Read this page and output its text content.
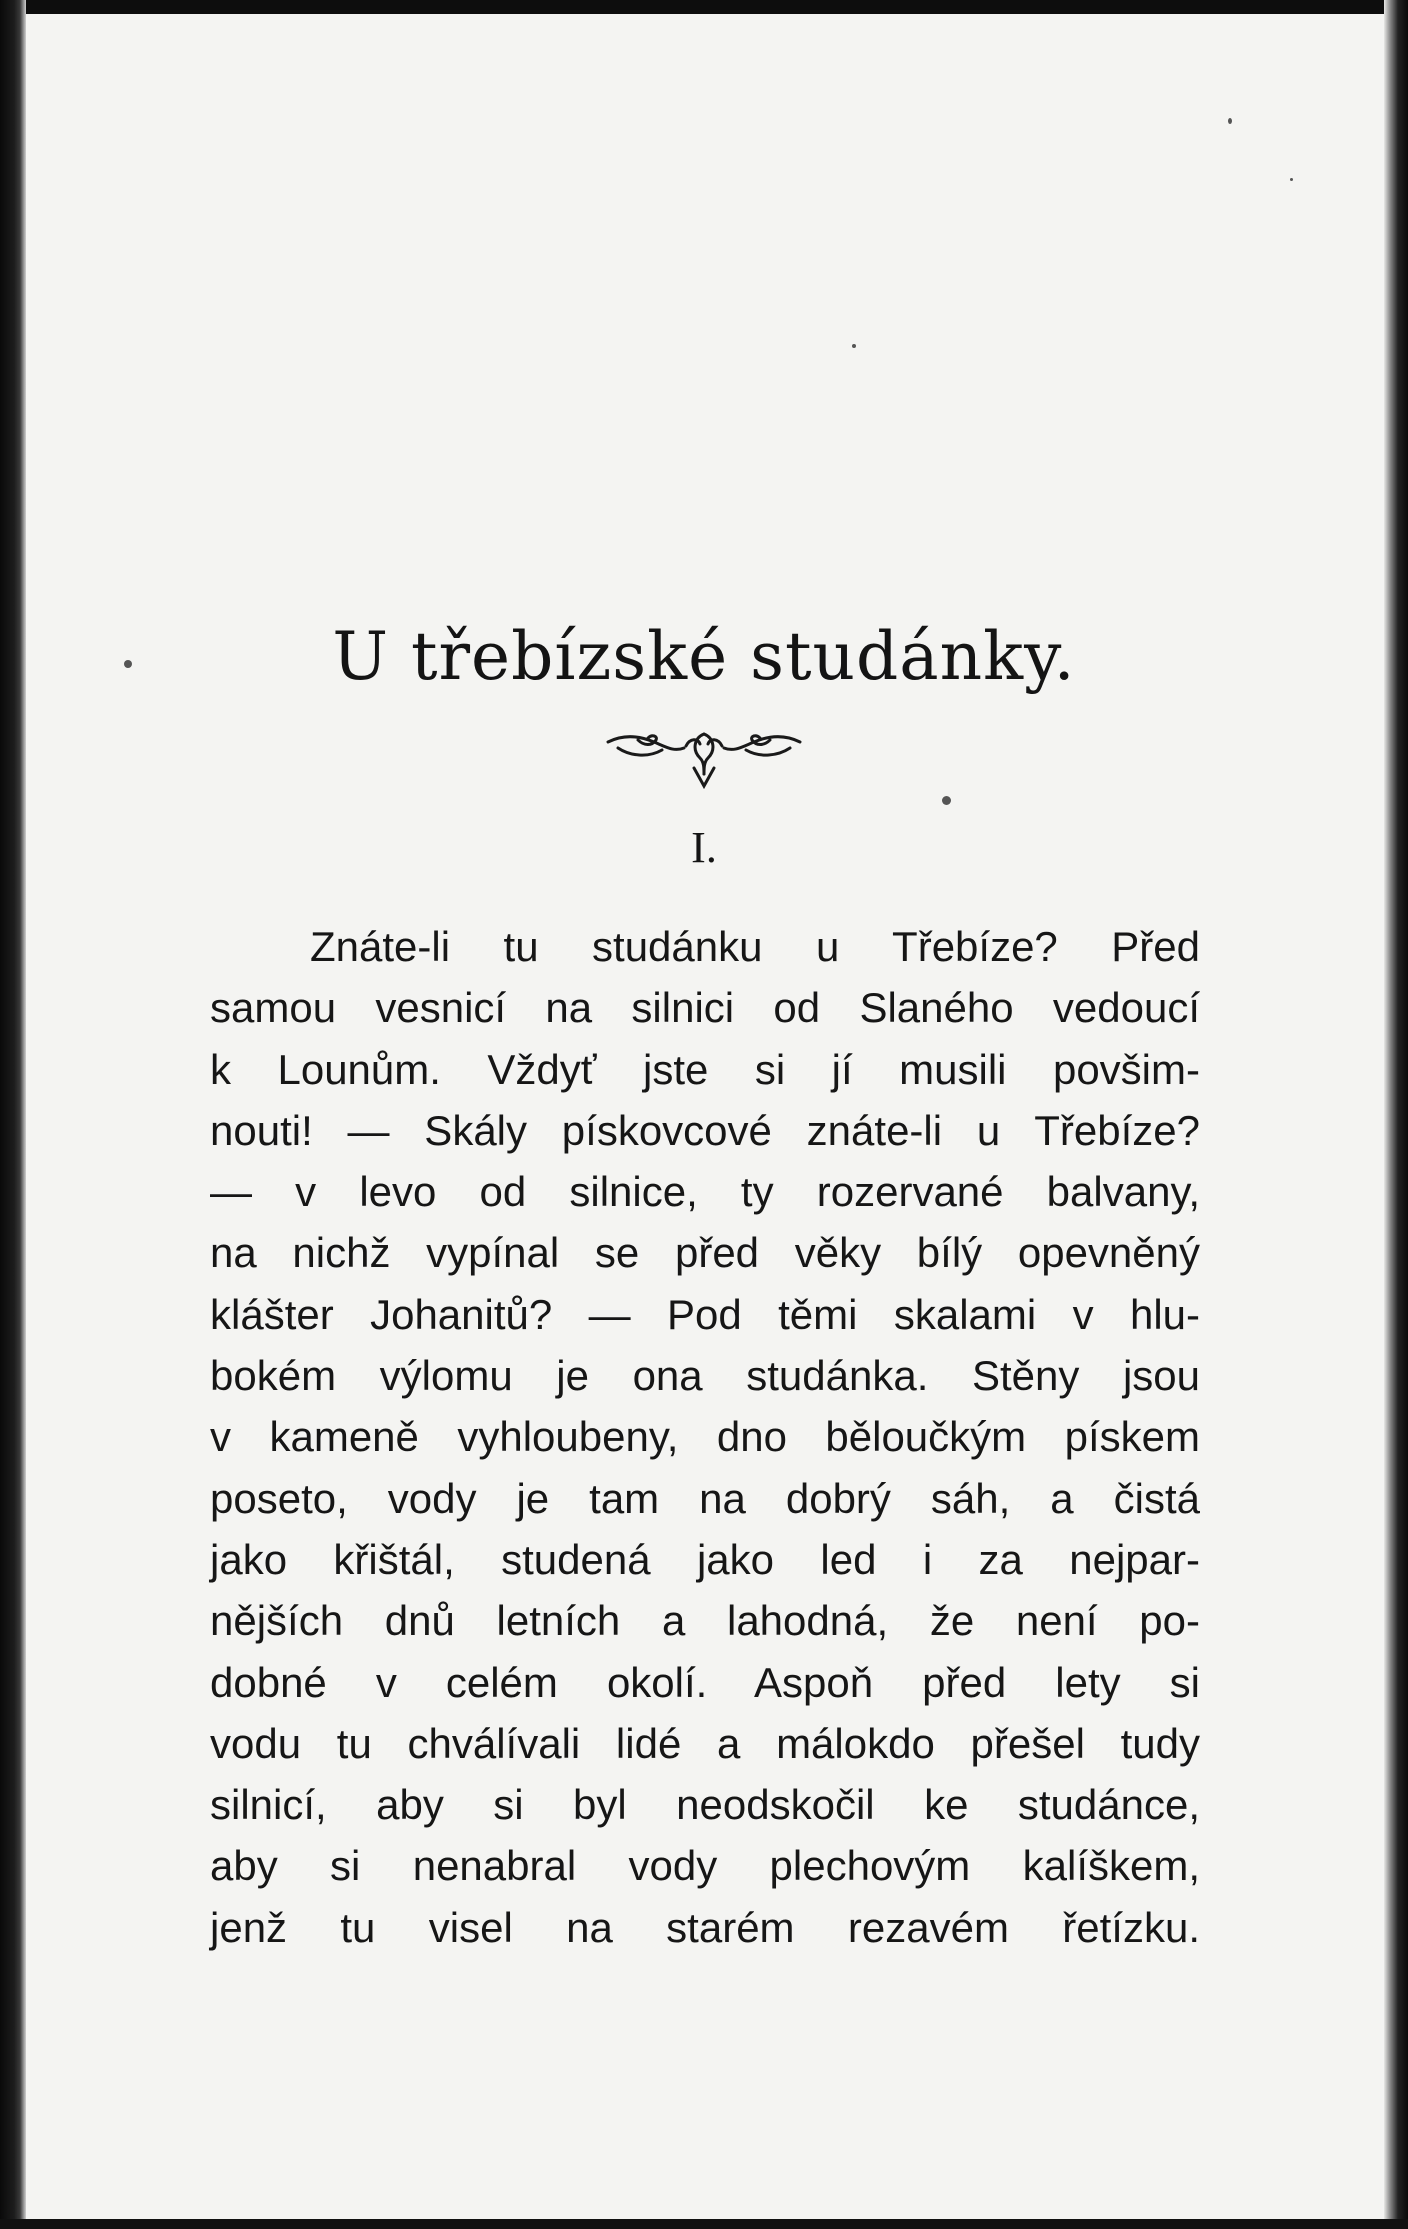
U třebízské studánky.
I.
Znáte-li tu studánku u Třebíze? Před
samou vesnicí na silnici od Slaného vedoucí
k Lounům. Vždyť jste si jí musili povšim-
nouti! — Skály pískovcové znáte-li u Třebíze?
— v levo od silnice, ty rozervané balvany,
na nichž vypínal se před věky bílý opevněný
klášter Johanitů? — Pod těmi skalami v hlu-
bokém výlomu je ona studánka. Stěny jsou
v kameně vyhloubeny, dno běloučkým pískem
poseto, vody je tam na dobrý sáh, a čistá
jako křištál, studená jako led i za nejpar-
nějších dnů letních a lahodná, že není po-
dobné v celém okolí. Aspoň před lety si
vodu tu chválívali lidé a málokdo přešel tudy
silnicí, aby si byl neodskočil ke studánce,
aby si nenabral vody plechovým kalíškem,
jenž tu visel na starém rezavém řetízku.
